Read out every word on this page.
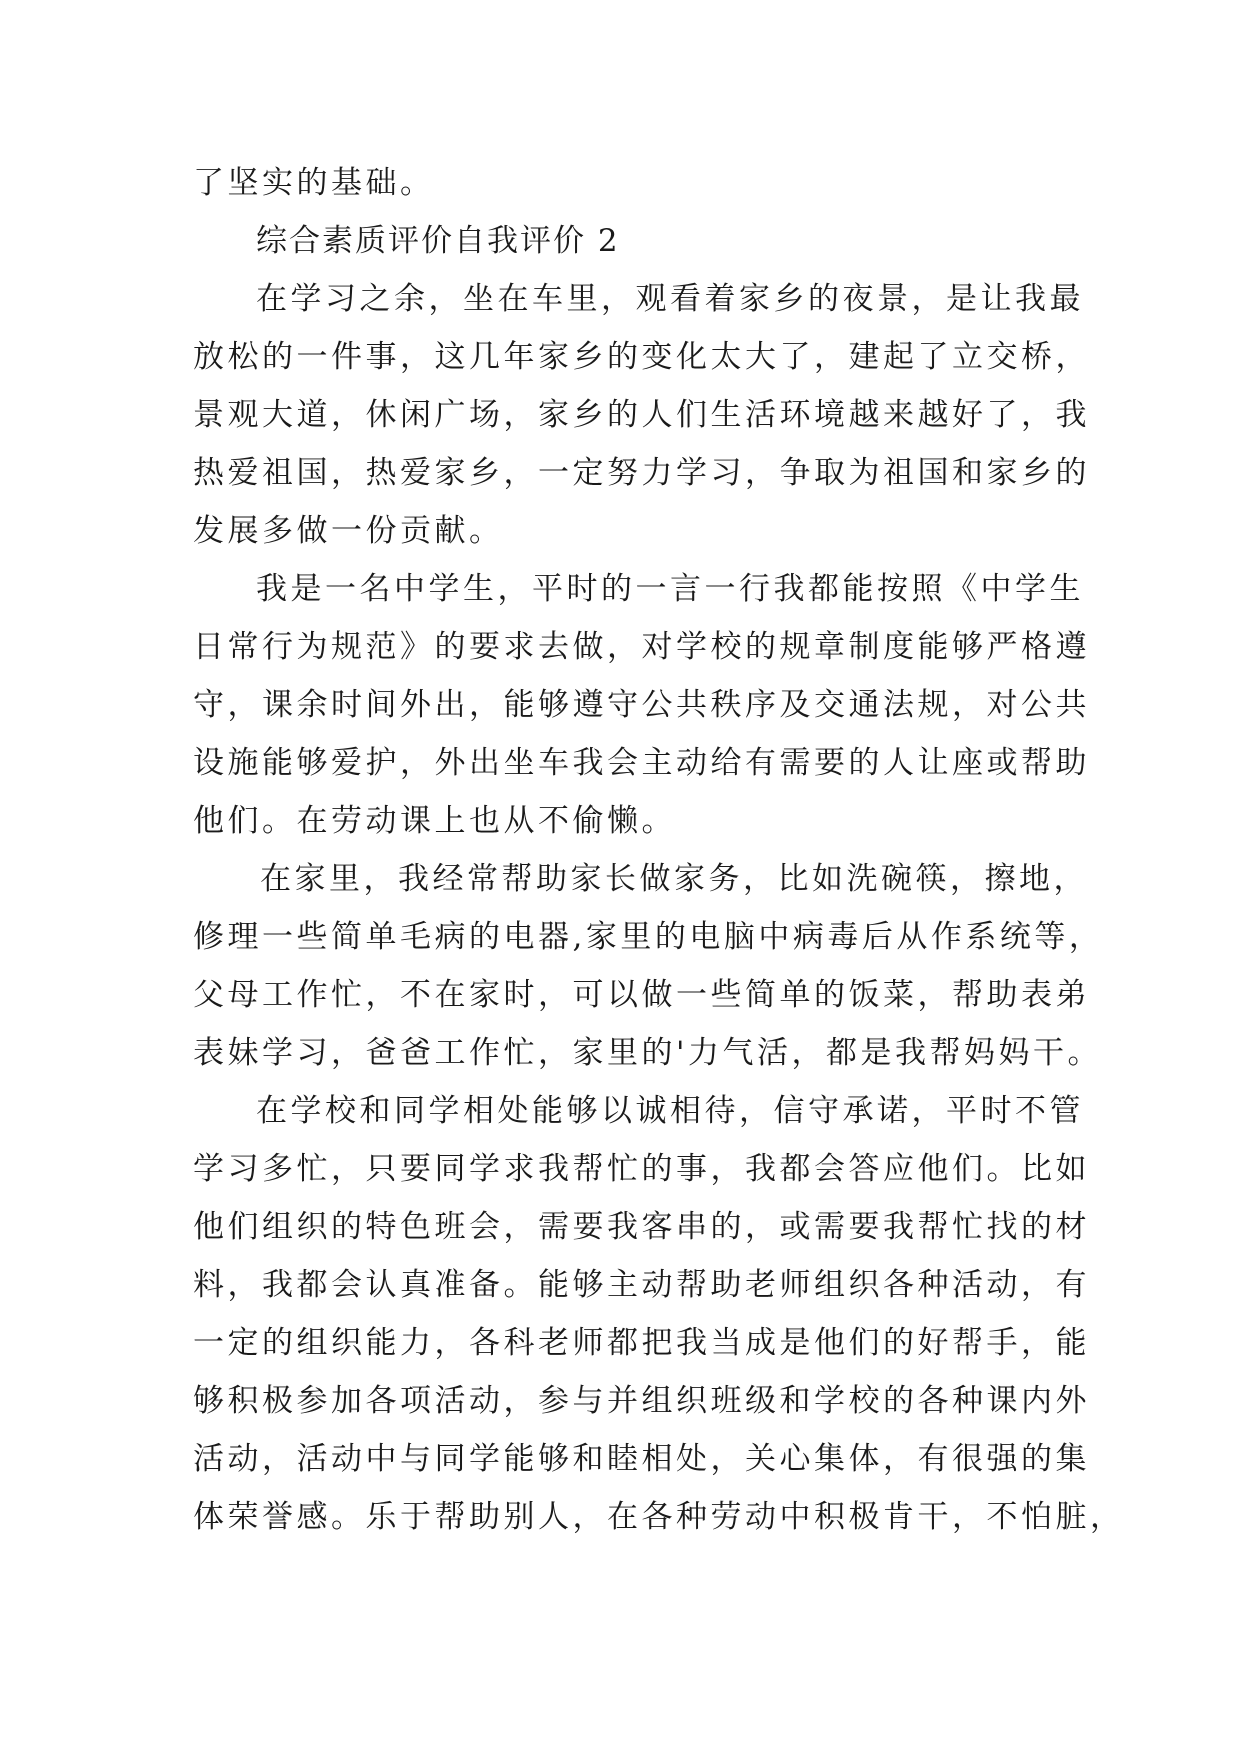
了坚实的基础。
综合素质评价自我评价 2
在学习之余，坐在车里，观看着家乡的夜景，是让我最
放松的一件事，这几年家乡的变化太大了，建起了立交桥，
景观大道，休闲广场，家乡的人们生活环境越来越好了，我
热爱祖国，热爱家乡，一定努力学习，争取为祖国和家乡的
发展多做一份贡献。
我是一名中学生，平时的一言一行我都能按照《中学生
日常行为规范》的要求去做，对学校的规章制度能够严格遵
守，课余时间外出，能够遵守公共秩序及交通法规，对公共
设施能够爱护，外出坐车我会主动给有需要的人让座或帮助
他们。在劳动课上也从不偷懒。
在家里，我经常帮助家长做家务，比如洗碗筷，擦地，
修理一些简单毛病的电器,家里的电脑中病毒后从作系统等，
父母工作忙，不在家时，可以做一些简单的饭菜，帮助表弟
表妹学习，爸爸工作忙，家里的'力气活，都是我帮妈妈干。
在学校和同学相处能够以诚相待，信守承诺，平时不管
学习多忙，只要同学求我帮忙的事，我都会答应他们。比如
他们组织的特色班会，需要我客串的，或需要我帮忙找的材
料，我都会认真准备。能够主动帮助老师组织各种活动，有
一定的组织能力，各科老师都把我当成是他们的好帮手，能
够积极参加各项活动，参与并组织班级和学校的各种课内外
活动，活动中与同学能够和睦相处，关心集体，有很强的集
体荣誉感。乐于帮助别人，在各种劳动中积极肯干，不怕脏，
